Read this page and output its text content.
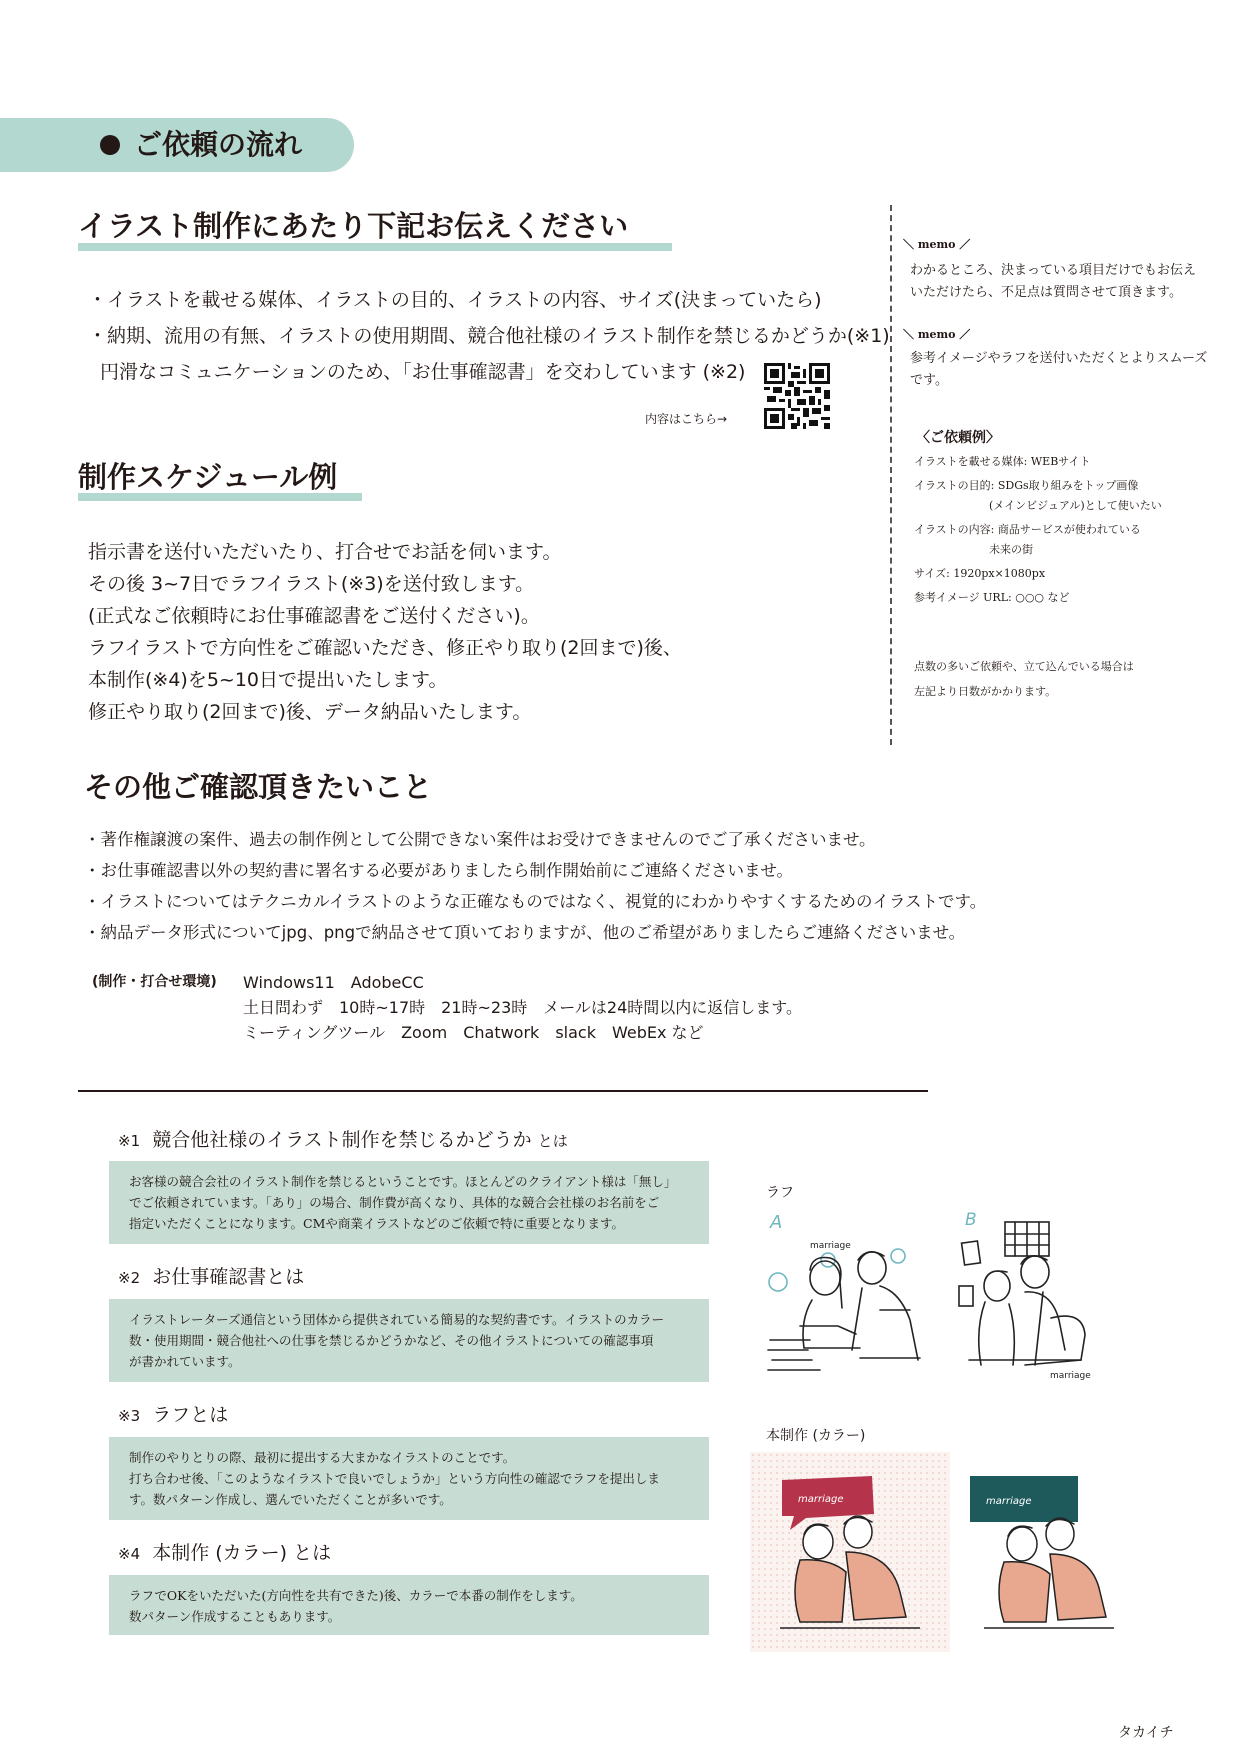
ご依頼の流れ
イラスト制作にあたり下記お伝えください
・イラストを載せる媒体、イラストの目的、イラストの内容、サイズ(決まっていたら)
・納期、流用の有無、イラストの使用期間、競合他社様のイラスト制作を禁じるかどうか(※1)
円滑なコミュニケーションのため、「お仕事確認書」を交わしています (※2)
内容はこちら→
制作スケジュール例
指示書を送付いただいたり、打合せでお話を伺います。
その後 3~7日でラフイラスト(※3)を送付致します。
(正式なご依頼時にお仕事確認書をご送付ください)。
ラフイラストで方向性をご確認いただき、修正やり取り(2回まで)後、
本制作(※4)を5~10日で提出いたします。
修正やり取り(2回まで)後、データ納品いたします。
＼ memo ／
わかるところ、決まっている項目だけでもお伝え
いただけたら、不足点は質問させて頂きます。
＼ memo ／
参考イメージやラフを送付いただくとよりスムーズ
です。
〈ご依頼例〉
イラストを載せる媒体: WEBサイト
イラストの目的: SDGs取り組みをトップ画像
(メインビジュアル)として使いたい
イラストの内容: 商品サービスが使われている
未来の街
サイズ: 1920px×1080px
参考イメージ URL: ○○○ など
点数の多いご依頼や、立て込んでいる場合は
左記より日数がかかります。
その他ご確認頂きたいこと
・著作権譲渡の案件、過去の制作例として公開できない案件はお受けできませんのでご了承くださいませ。
・お仕事確認書以外の契約書に署名する必要がありましたら制作開始前にご連絡くださいませ。
・イラストについてはテクニカルイラストのような正確なものではなく、視覚的にわかりやすくするためのイラストです。
・納品データ形式についてjpg、pngで納品させて頂いておりますが、他のご希望がありましたらご連絡くださいませ。
(制作・打合せ環境) Windows11　AdobeCC
土日問わず　10時~17時　21時~23時　メールは24時間以内に返信します。
ミーティングツール　Zoom　Chatwork　slack　WebEx など
※1 競合他社様のイラスト制作を禁じるかどうか とは
お客様の競合会社のイラスト制作を禁じるということです。ほとんどのクライアント様は「無し」
でご依頼されています。「あり」の場合、制作費が高くなり、具体的な競合会社様のお名前をご
指定いただくことになります。CMや商業イラストなどのご依頼で特に重要となります。
※2 お仕事確認書とは
イラストレーターズ通信という団体から提供されている簡易的な契約書です。イラストのカラー
数・使用期間・競合他社への仕事を禁じるかどうかなど、その他イラストについての確認事項
が書かれています。
※3 ラフとは
制作のやりとりの際、最初に提出する大まかなイラストのことです。
打ち合わせ後、「このようなイラストで良いでしょうか」という方向性の確認でラフを提出しま
す。数パターン作成し、選んでいただくことが多いです。
※4 本制作 (カラー) とは
ラフでOKをいただいた(方向性を共有できた)後、カラーで本番の制作をします。
数パターン作成することもあります。
ラフ
A	B
marriage
marriage
本制作 (カラー)
marriage	marriage
タカイチ
